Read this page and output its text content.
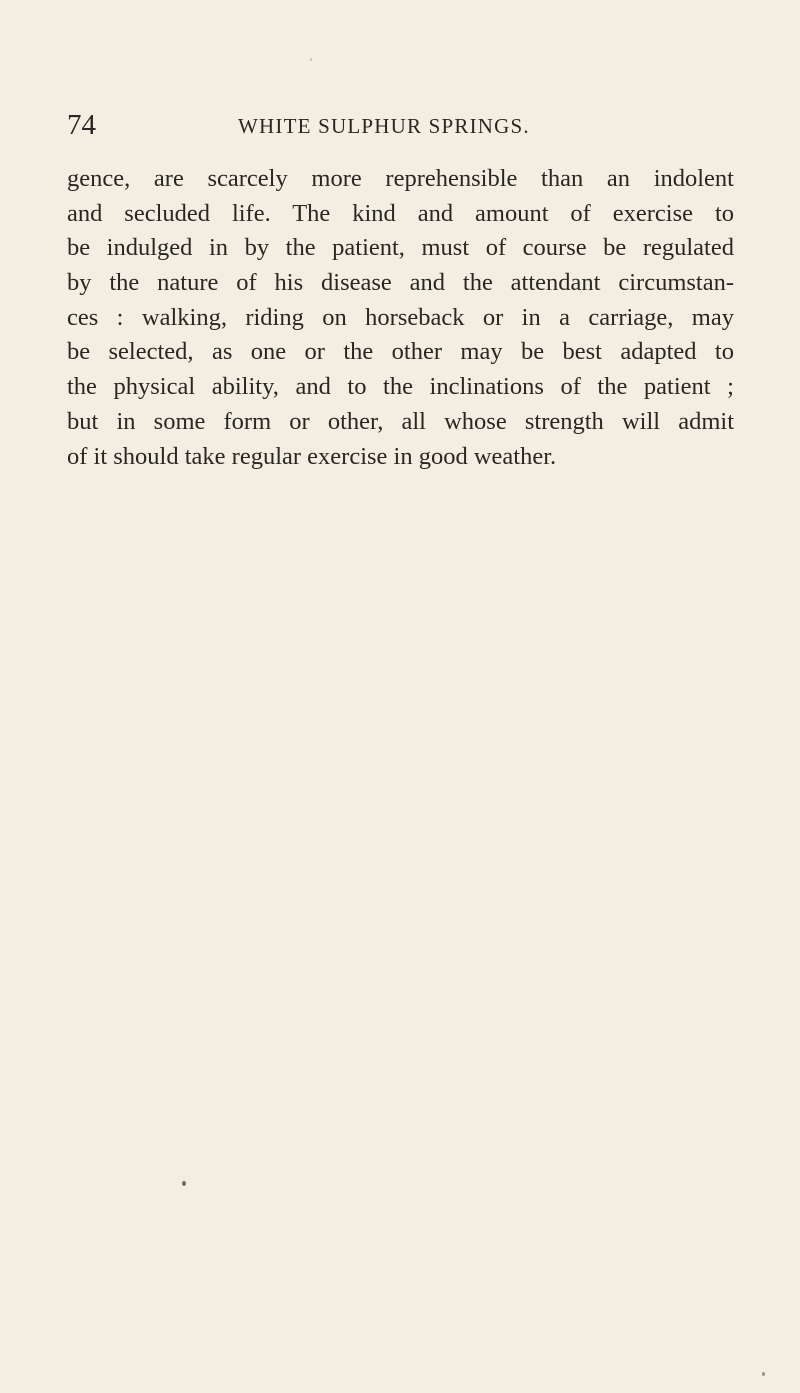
74	WHITE SULPHUR SPRINGS.
gence, are scarcely more reprehensible than an indolent
and secluded life. The kind and amount of exercise to
be indulged in by the patient, must of course be regulated
by the nature of his disease and the attendant circumstan-
ces : walking, riding on horseback or in a carriage, may
be selected, as one or the other may be best adapted to
the physical ability, and to the inclinations of the patient ;
but in some form or other, all whose strength will admit
of it should take regular exercise in good weather.
